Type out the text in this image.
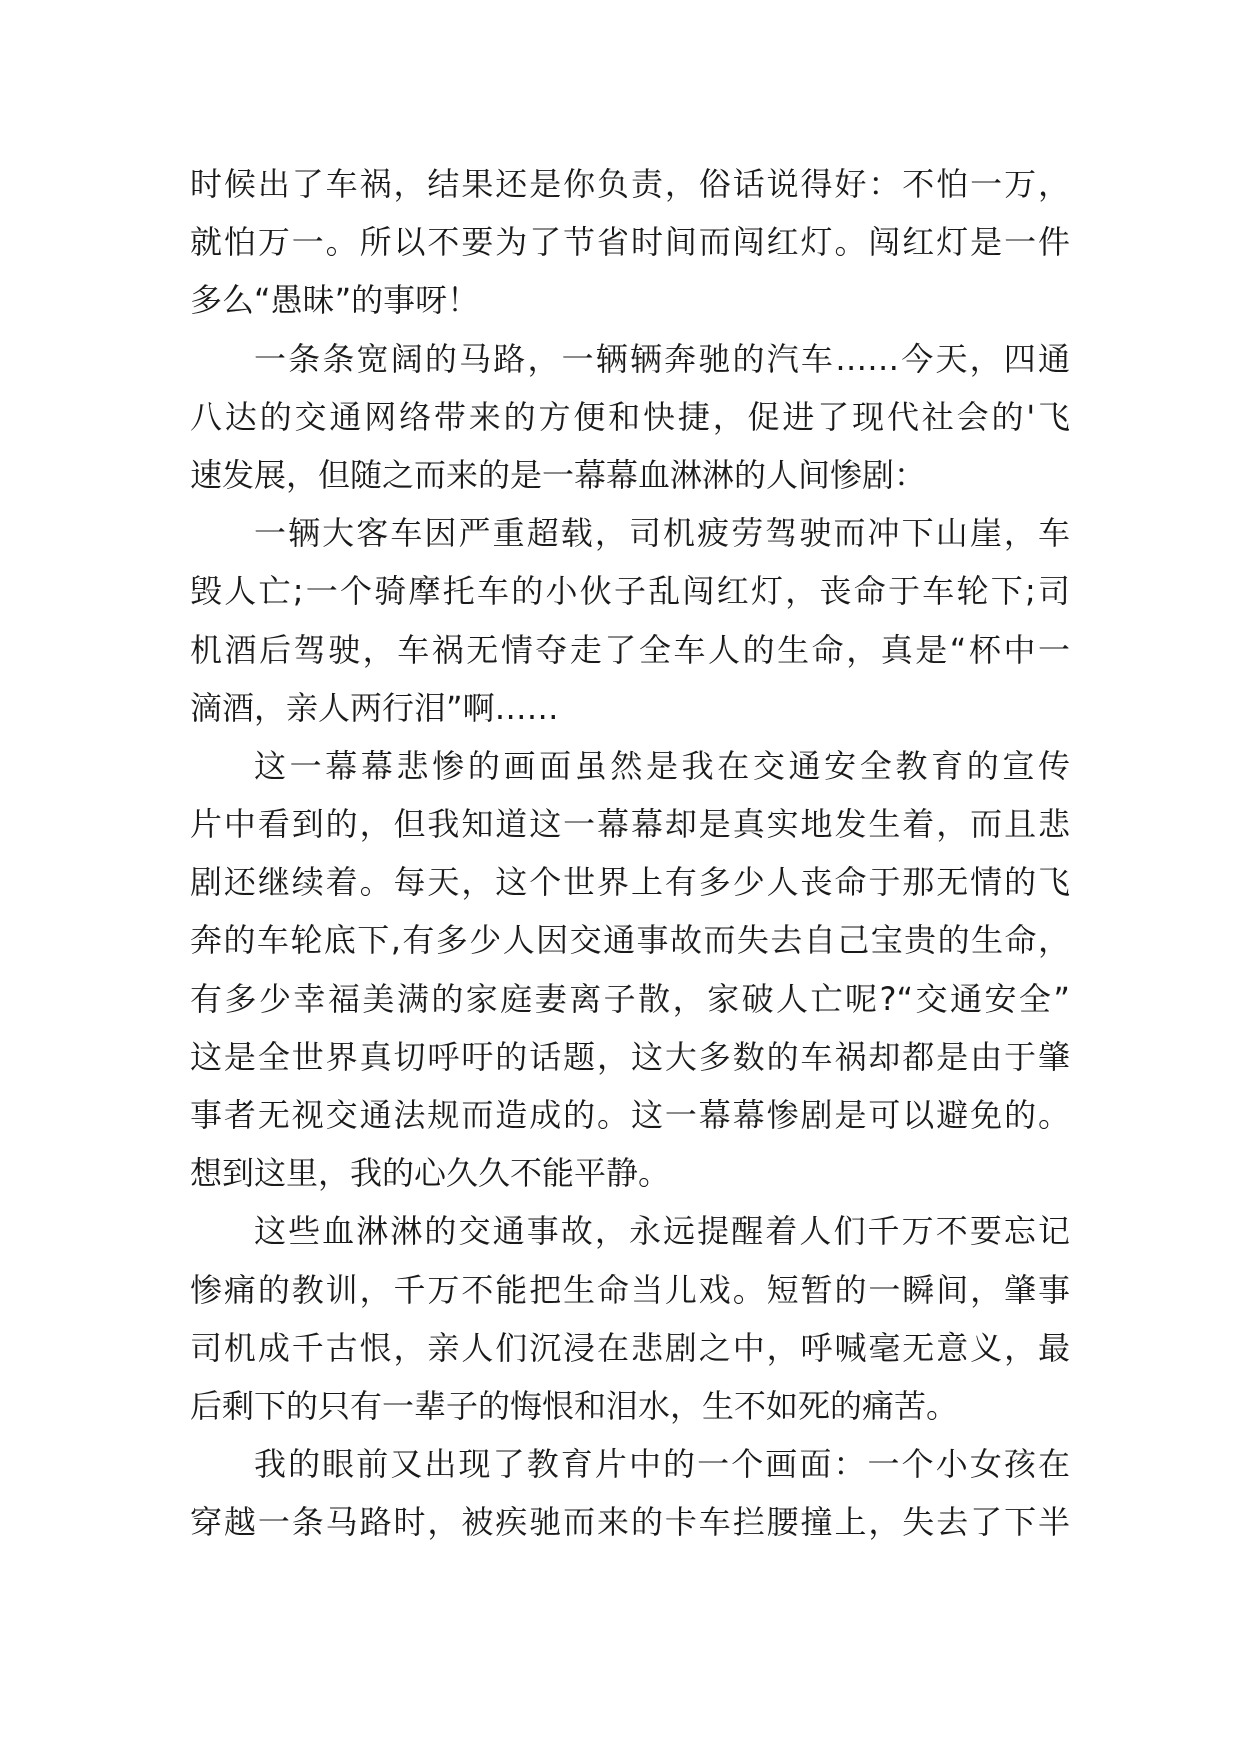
时候出了车祸，结果还是你负责，俗话说得好：不怕一万，
就怕万一。所以不要为了节省时间而闯红灯。闯红灯是一件
多么“愚昧”的事呀！
一条条宽阔的马路，一辆辆奔驰的汽车……今天，四通
八达的交通网络带来的方便和快捷，促进了现代社会的'飞
速发展，但随之而来的是一幕幕血淋淋的人间惨剧：
一辆大客车因严重超载，司机疲劳驾驶而冲下山崖，车
毁人亡;一个骑摩托车的小伙子乱闯红灯，丧命于车轮下;司
机酒后驾驶，车祸无情夺走了全车人的生命，真是“杯中一
滴酒，亲人两行泪”啊……
这一幕幕悲惨的画面虽然是我在交通安全教育的宣传
片中看到的，但我知道这一幕幕却是真实地发生着，而且悲
剧还继续着。每天，这个世界上有多少人丧命于那无情的飞
奔的车轮底下,有多少人因交通事故而失去自己宝贵的生命，
有多少幸福美满的家庭妻离子散，家破人亡呢?“交通安全”
这是全世界真切呼吁的话题，这大多数的车祸却都是由于肇
事者无视交通法规而造成的。这一幕幕惨剧是可以避免的。
想到这里，我的心久久不能平静。
这些血淋淋的交通事故，永远提醒着人们千万不要忘记
惨痛的教训，千万不能把生命当儿戏。短暂的一瞬间，肇事
司机成千古恨，亲人们沉浸在悲剧之中，呼喊毫无意义，最
后剩下的只有一辈子的悔恨和泪水，生不如死的痛苦。
我的眼前又出现了教育片中的一个画面：一个小女孩在
穿越一条马路时，被疾驰而来的卡车拦腰撞上，失去了下半
